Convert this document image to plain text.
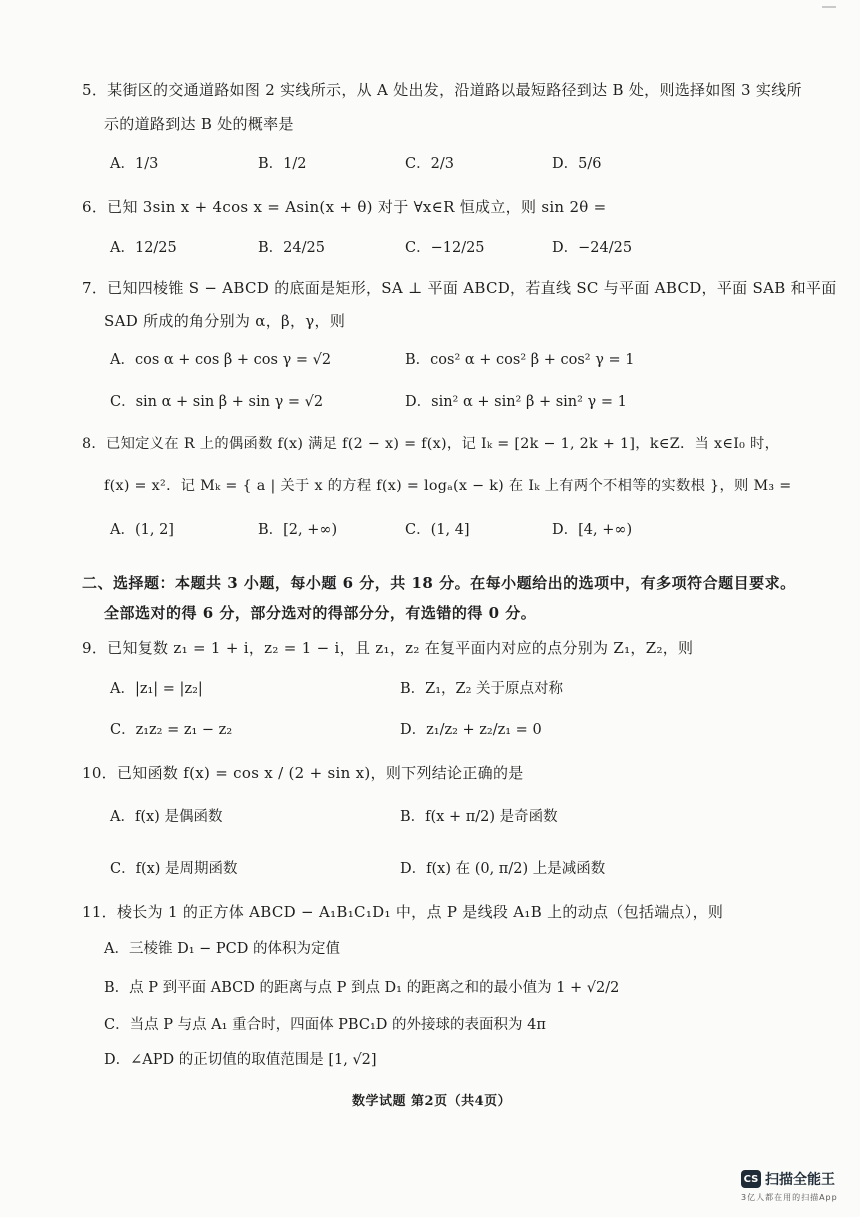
5．某街区的交通道路如图 2 实线所示，从 A 处出发，沿道路以最短路径到达 B 处，则选择如图 3 实线所
示的道路到达 B 处的概率是
A．1/3	B．1/2	C．2/3	D．5/6
6．已知 3sin x + 4cos x = Asin(x + θ) 对于 ∀x∈R 恒成立，则 sin 2θ =
A．12/25	B．24/25	C．−12/25	D．−24/25
7．已知四棱锥 S − ABCD 的底面是矩形，SA ⊥ 平面 ABCD，若直线 SC 与平面 ABCD，平面 SAB 和平面
SAD 所成的角分别为 α，β，γ，则
A．cos α + cos β + cos γ = √2	B．cos² α + cos² β + cos² γ = 1
C．sin α + sin β + sin γ = √2	D．sin² α + sin² β + sin² γ = 1
8．已知定义在 R 上的偶函数 f(x) 满足 f(2 − x) = f(x)，记 Iₖ = [2k − 1, 2k + 1]，k∈Z．当 x∈I₀ 时，
f(x) = x²．记 Mₖ = { a | 关于 x 的方程 f(x) = logₐ(x − k) 在 Iₖ 上有两个不相等的实数根 }，则 M₃ =
A．(1, 2]	B．[2, +∞)	C．(1, 4]	D．[4, +∞)
二、选择题：本题共 3 小题，每小题 6 分，共 18 分。在每小题给出的选项中，有多项符合题目要求。
全部选对的得 6 分，部分选对的得部分分，有选错的得 0 分。
9．已知复数 z₁ = 1 + i，z₂ = 1 − i，且 z₁，z₂ 在复平面内对应的点分别为 Z₁，Z₂，则
A．|z₁| = |z₂|	B．Z₁，Z₂ 关于原点对称
C．z₁z₂ = z₁ − z₂	D．z₁/z₂ + z₂/z₁ = 0
10．已知函数 f(x) = cos x / (2 + sin x)，则下列结论正确的是
A．f(x) 是偶函数	B．f(x + π/2) 是奇函数
C．f(x) 是周期函数	D．f(x) 在 (0, π/2) 上是减函数
11．棱长为 1 的正方体 ABCD − A₁B₁C₁D₁ 中，点 P 是线段 A₁B 上的动点（包括端点），则
A．三棱锥 D₁ − PCD 的体积为定值
B．点 P 到平面 ABCD 的距离与点 P 到点 D₁ 的距离之和的最小值为 1 + √2/2
C．当点 P 与点 A₁ 重合时，四面体 PBC₁D 的外接球的表面积为 4π
D．∠APD 的正切值的取值范围是 [1, √2]
数学试题 第2页（共4页）
CS 扫描全能王
3亿人都在用的扫描App
